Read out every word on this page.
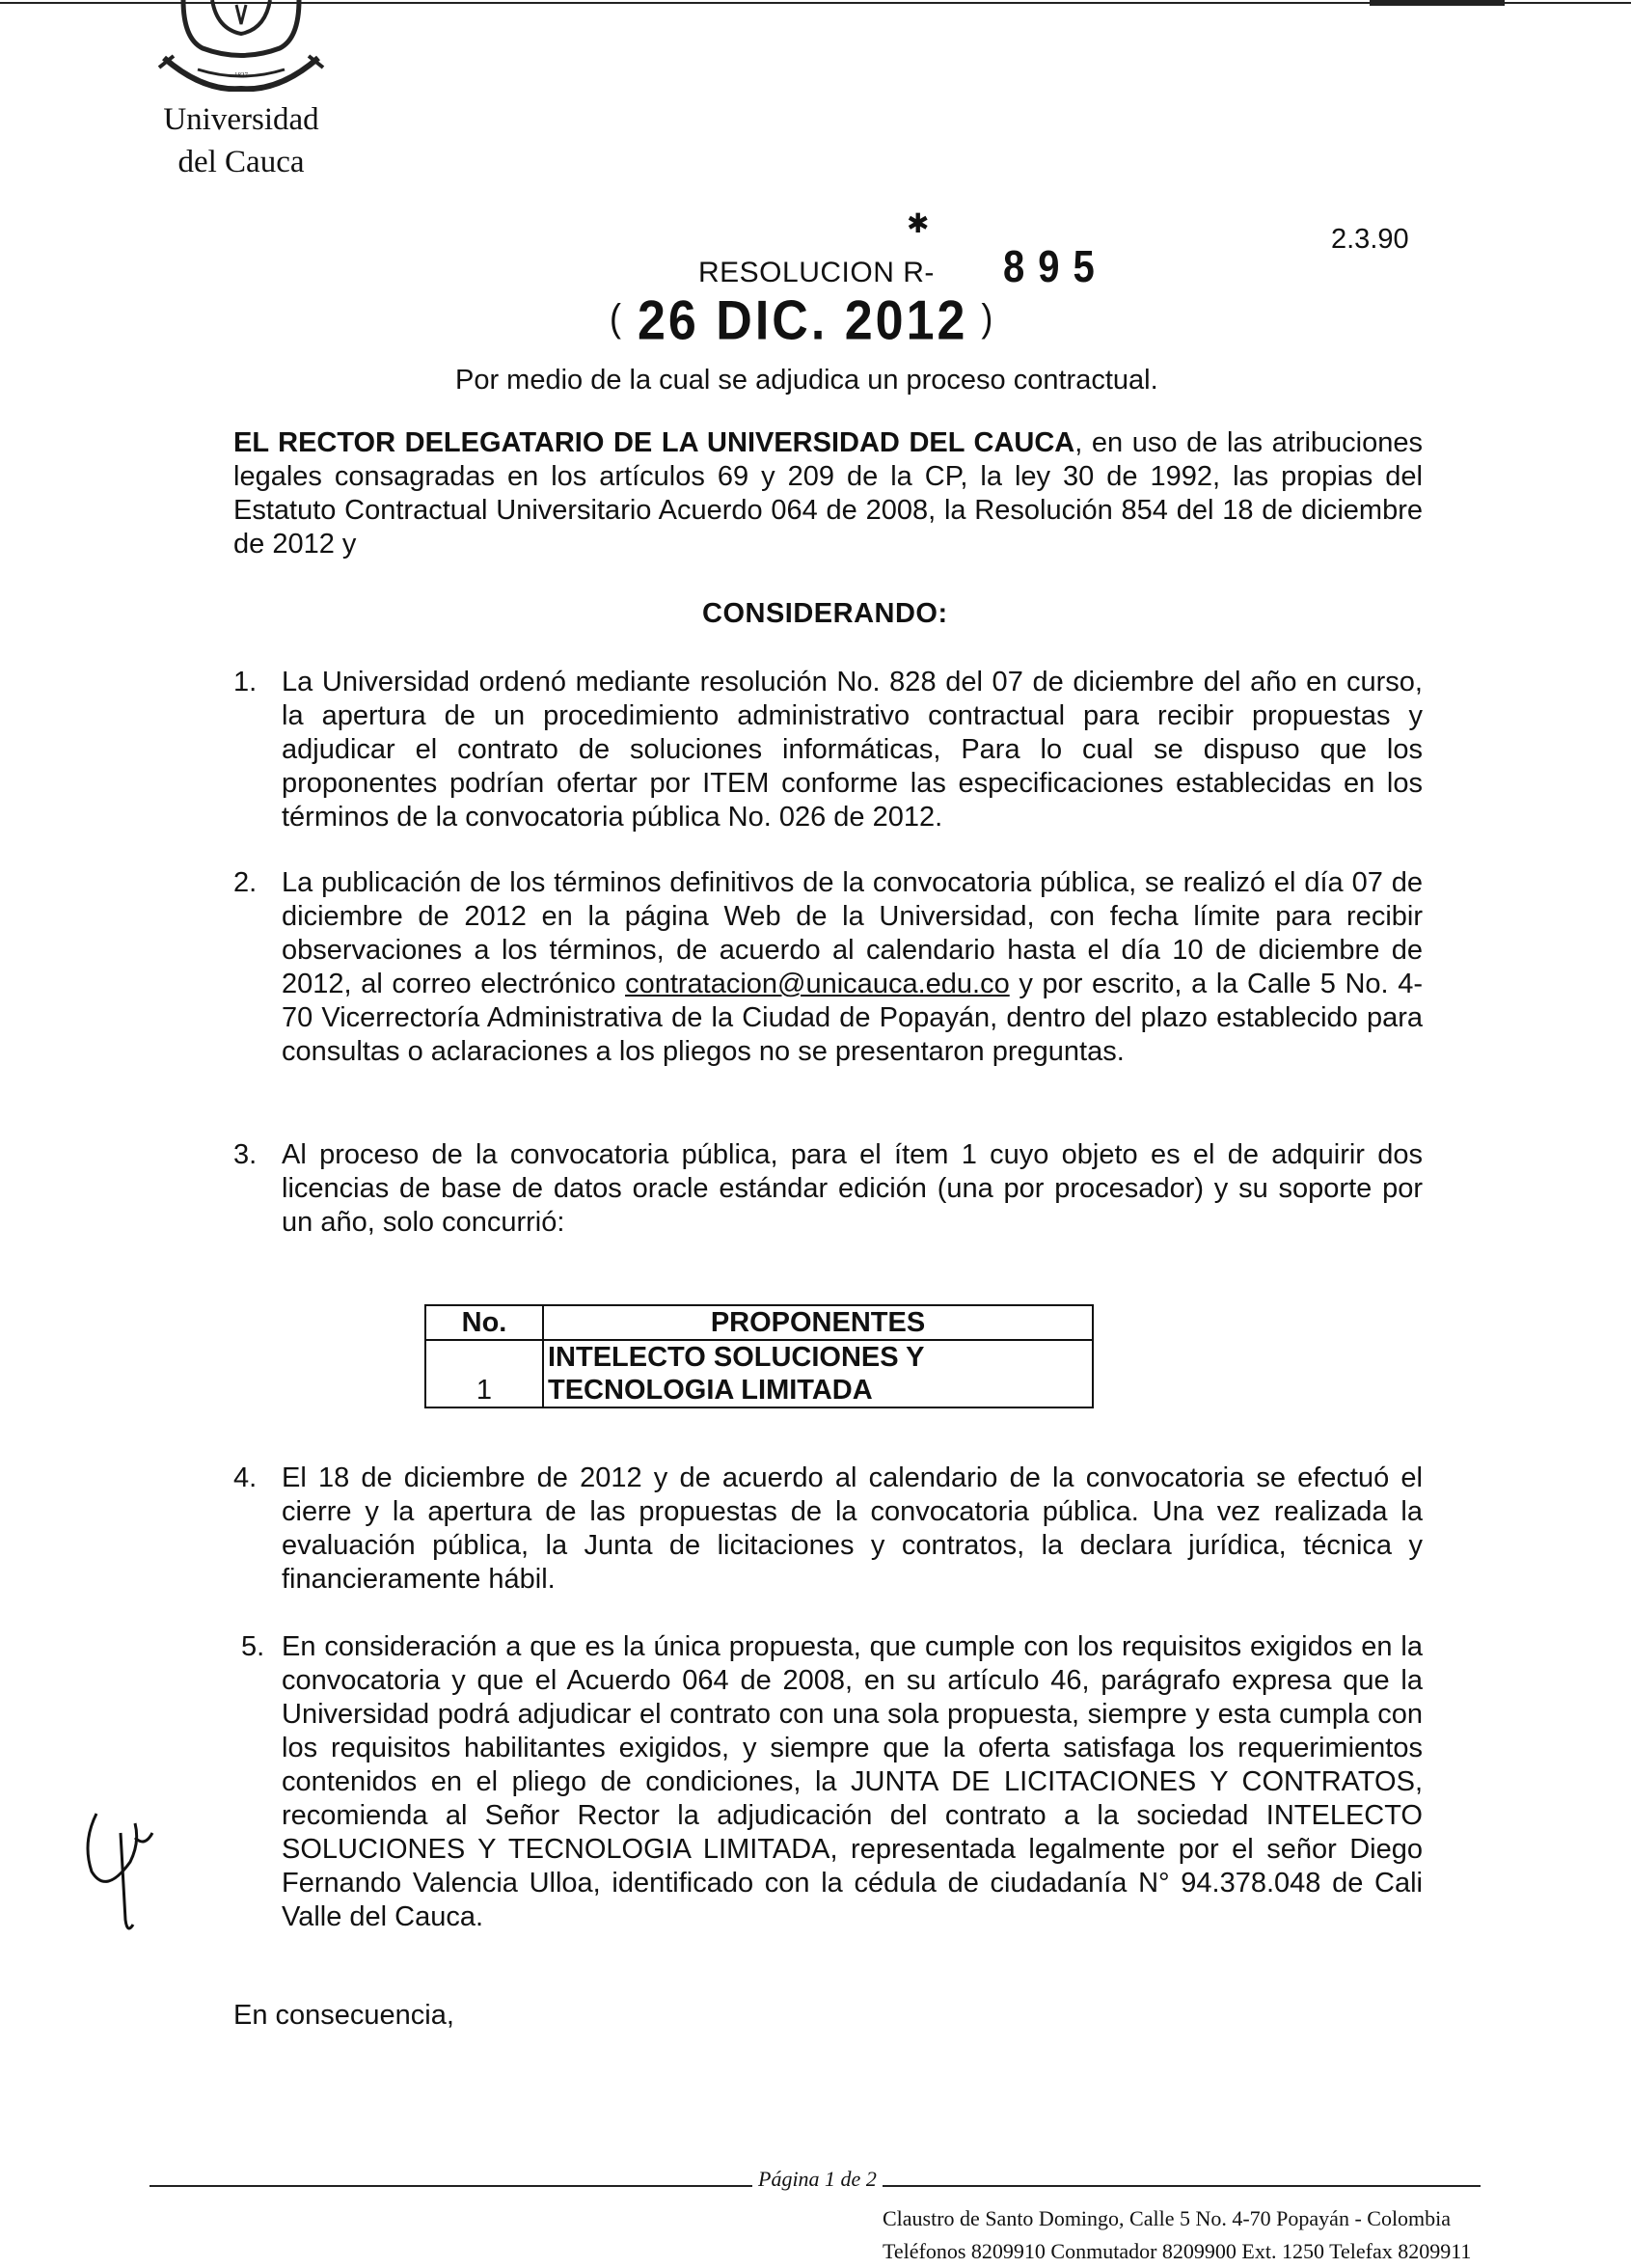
1827
Universidad
del Cauca
2.3.90
✱
RESOLUCION R- 895
( 26 DIC. 2012 )
Por medio de la cual se adjudica un proceso contractual.
EL RECTOR DELEGATARIO DE LA UNIVERSIDAD DEL CAUCA, en uso de las atribuciones legales consagradas en los artículos 69 y 209 de la CP, la ley 30 de 1992, las propias del Estatuto Contractual Universitario Acuerdo 064 de 2008, la Resolución 854 del 18 de diciembre de 2012 y
CONSIDERANDO:
1. La Universidad ordenó mediante resolución No. 828 del 07 de diciembre del año en curso, la apertura de un procedimiento administrativo contractual para recibir propuestas y adjudicar el contrato de soluciones informáticas, Para lo cual se dispuso que los proponentes podrían ofertar por ITEM conforme las especificaciones establecidas en los términos de la convocatoria pública No. 026 de 2012.
2. La publicación de los términos definitivos de la convocatoria pública, se realizó el día 07 de diciembre de 2012 en la página Web de la Universidad, con fecha límite para recibir observaciones a los términos, de acuerdo al calendario hasta el día 10 de diciembre de 2012, al correo electrónico contratacion@unicauca.edu.co y por escrito, a la Calle 5 No. 4-70 Vicerrectoría Administrativa de la Ciudad de Popayán, dentro del plazo establecido para consultas o aclaraciones a los pliegos no se presentaron preguntas.
3. Al proceso de la convocatoria pública, para el ítem 1 cuyo objeto es el de adquirir dos licencias de base de datos oracle estándar edición (una por procesador) y su soporte por un año, solo concurrió:
No.	PROPONENTES
1	INTELECTO SOLUCIONES Y
TECNOLOGIA LIMITADA
4. El 18 de diciembre de 2012 y de acuerdo al calendario de la convocatoria se efectuó el cierre y la apertura de las propuestas de la convocatoria pública. Una vez realizada la evaluación pública, la Junta de licitaciones y contratos, la declara jurídica, técnica y financieramente hábil.
5. En consideración a que es la única propuesta, que cumple con los requisitos exigidos en la convocatoria y que el Acuerdo 064 de 2008, en su artículo 46, parágrafo expresa que la Universidad podrá adjudicar el contrato con una sola propuesta, siempre y esta cumpla con los requisitos habilitantes exigidos, y siempre que la oferta satisfaga los requerimientos contenidos en el pliego de condiciones, la JUNTA DE LICITACIONES Y CONTRATOS, recomienda al Señor Rector la adjudicación del contrato a la sociedad INTELECTO SOLUCIONES Y TECNOLOGIA LIMITADA, representada legalmente por el señor Diego Fernando Valencia Ulloa, identificado con la cédula de ciudadanía N° 94.378.048 de Cali Valle del Cauca.
En consecuencia,
Página 1 de 2
Claustro de Santo Domingo, Calle 5 No. 4-70 Popayán - Colombia
Teléfonos 8209910 Conmutador 8209900 Ext. 1250 Telefax 8209911
